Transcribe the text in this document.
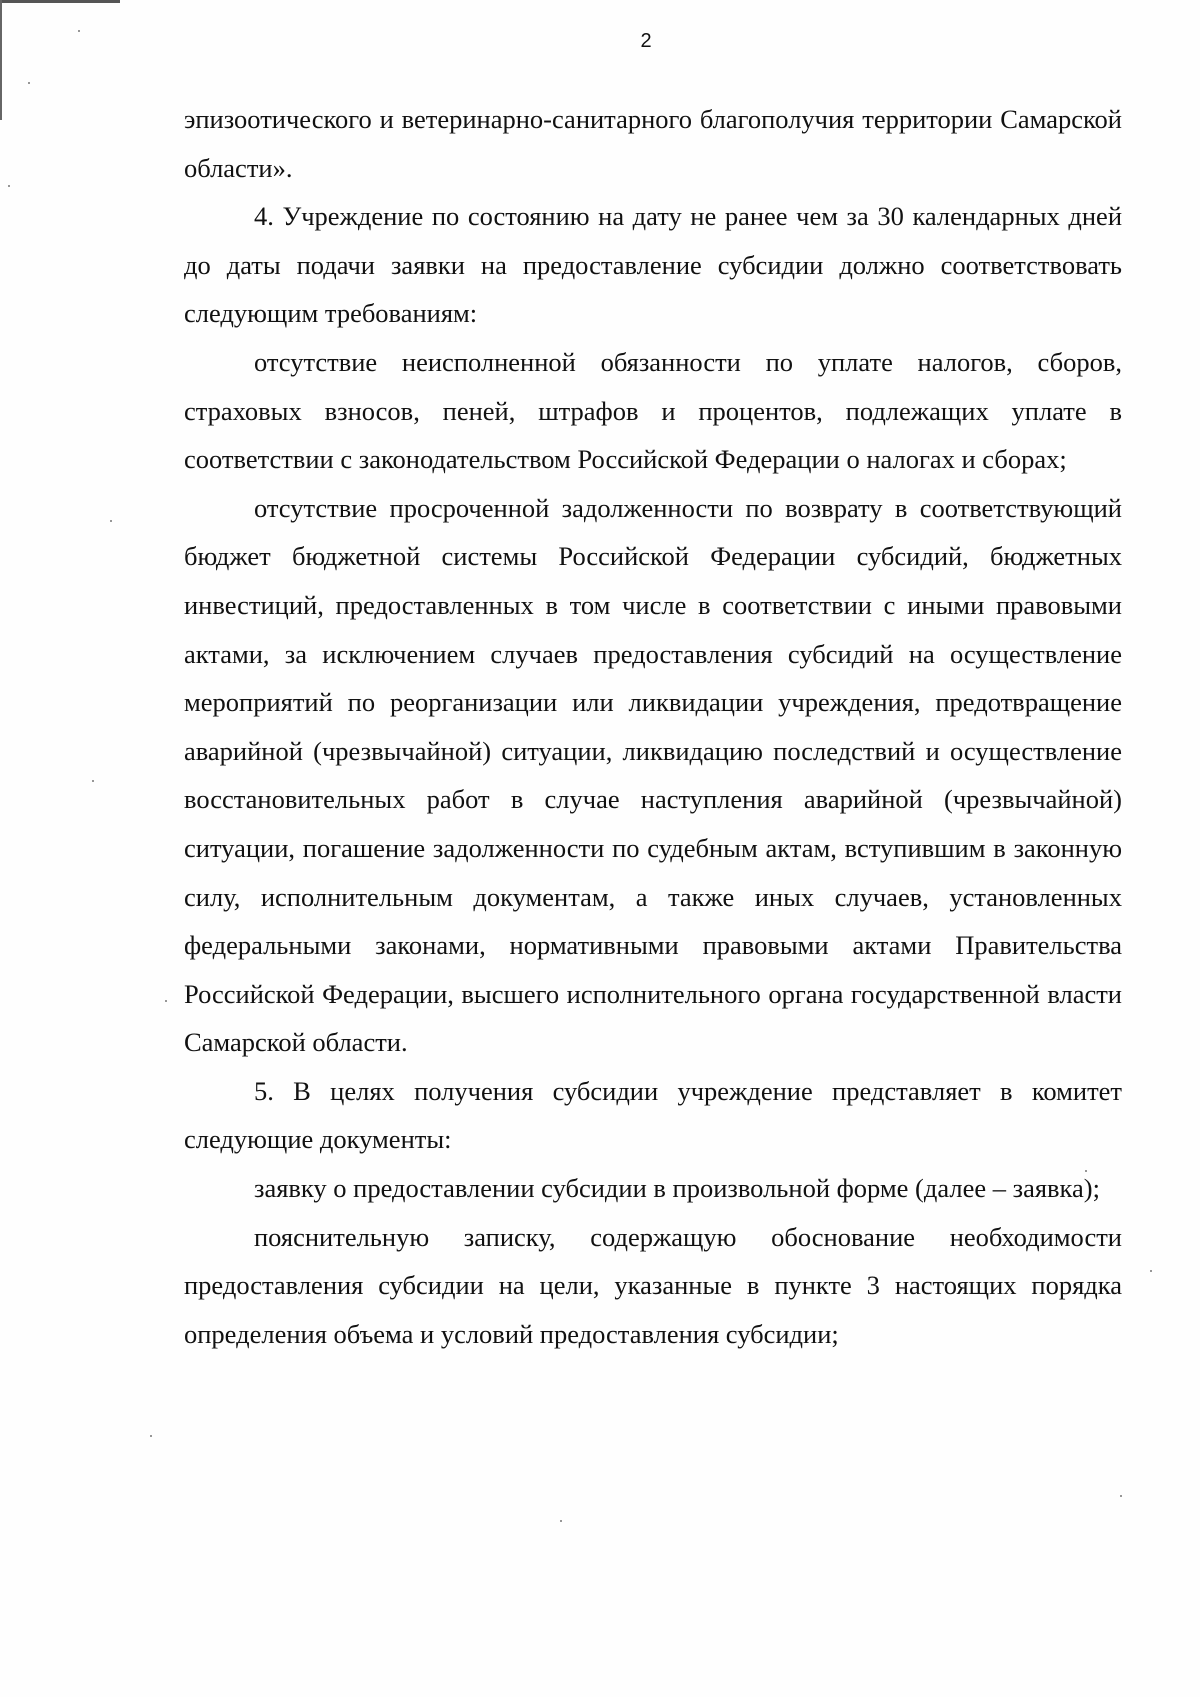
2

эпизоотического и ветеринарно-санитарного благополучия территории Самарской области».

4. Учреждение по состоянию на дату не ранее чем за 30 календарных дней до даты подачи заявки на предоставление субсидии должно соответствовать следующим требованиям:

отсутствие неисполненной обязанности по уплате налогов, сборов, страховых взносов, пеней, штрафов и процентов, подлежащих уплате в соответствии с законодательством Российской Федерации о налогах и сборах;

отсутствие просроченной задолженности по возврату в соответствующий бюджет бюджетной системы Российской Федерации субсидий, бюджетных инвестиций, предоставленных в том числе в соответствии с иными правовыми актами, за исключением случаев предоставления субсидий на осуществление мероприятий по реорганизации или ликвидации учреждения, предотвращение аварийной (чрезвычайной) ситуации, ликвидацию последствий и осуществление восстановительных работ в случае наступления аварийной (чрезвычайной) ситуации, погашение задолженности по судебным актам, вступившим в законную силу, исполнительным документам, а также иных случаев, установленных федеральными законами, нормативными правовыми актами Правительства Российской Федерации, высшего исполнительного органа государственной власти Самарской области.

5. В целях получения субсидии учреждение представляет в комитет следующие документы:

заявку о предоставлении субсидии в произвольной форме (далее – заявка);

пояснительную записку, содержащую обоснование необходимости предоставления субсидии на цели, указанные в пункте 3 настоящих порядка определения объема и условий предоставления субсидии;
